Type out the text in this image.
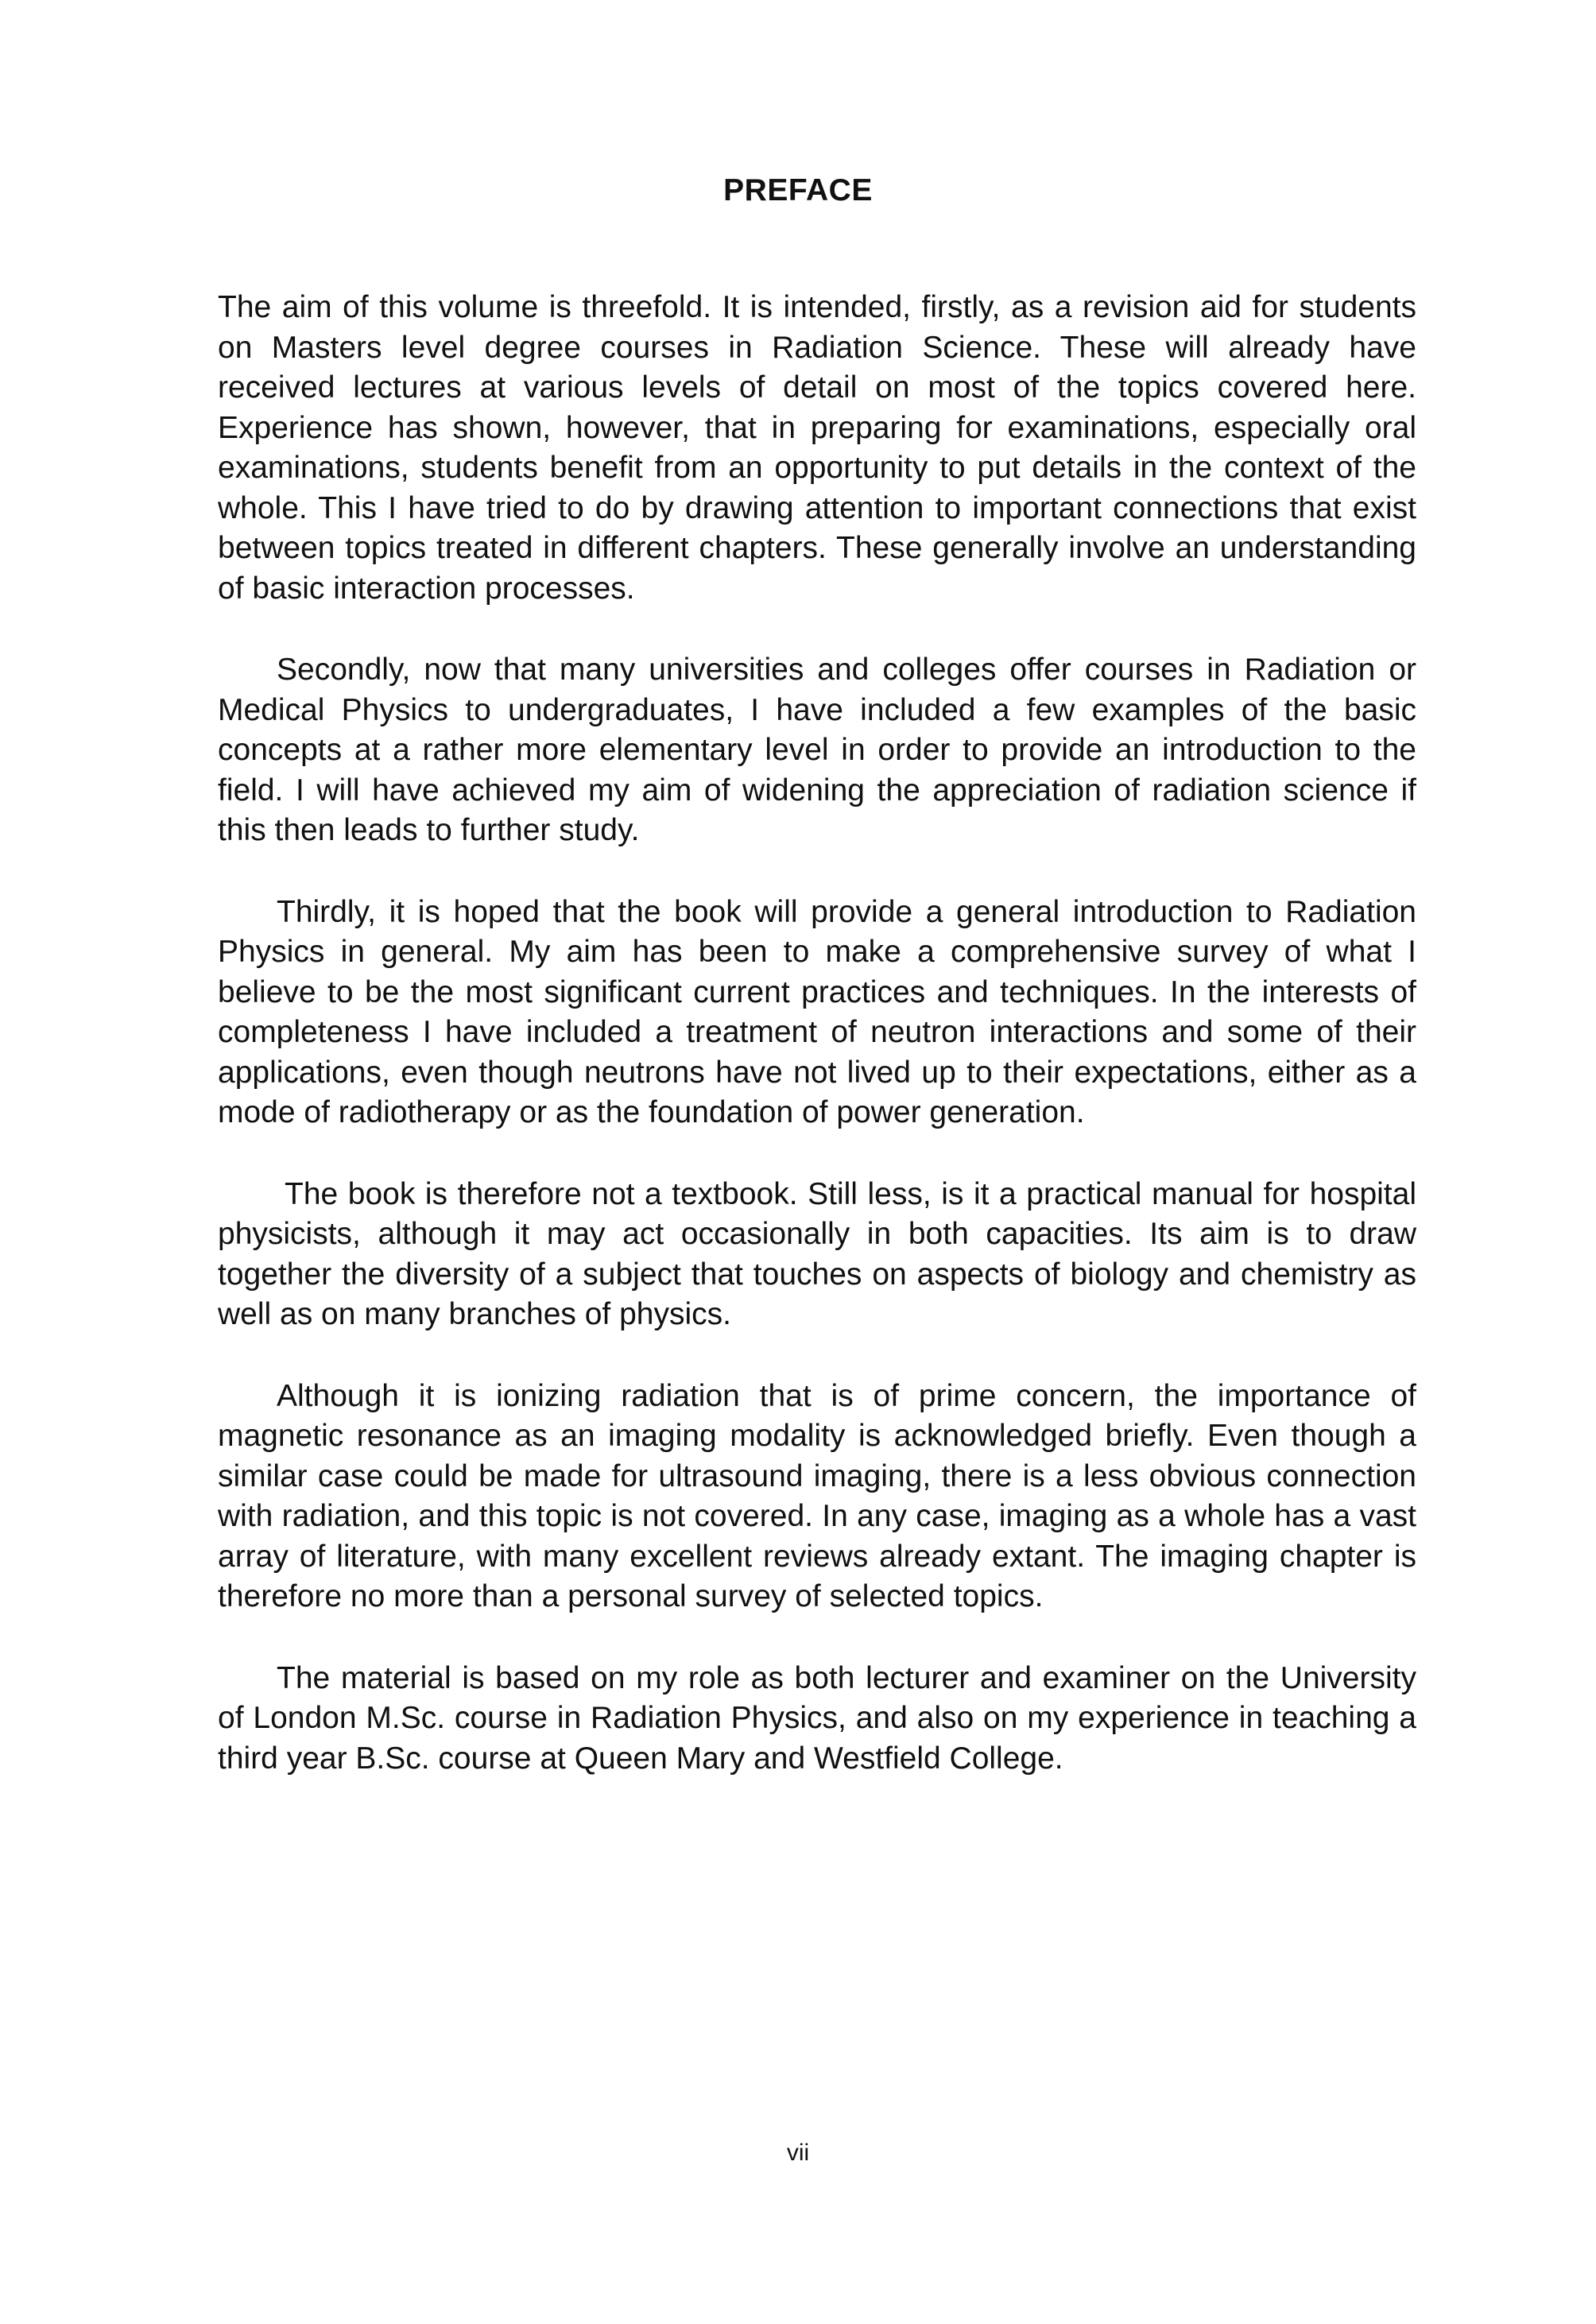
PREFACE

The aim of this volume is threefold. It is intended, firstly, as a revision aid for students on Masters level degree courses in Radiation Science. These will already have received lectures at various levels of detail on most of the topics covered here. Experience has shown, however, that in preparing for examinations, especially oral examinations, students benefit from an opportunity to put details in the context of the whole. This I have tried to do by drawing attention to important connections that exist between topics treated in different chapters. These generally involve an understanding of basic interaction processes.

Secondly, now that many universities and colleges offer courses in Radiation or Medical Physics to undergraduates, I have included a few examples of the basic concepts at a rather more elementary level in order to provide an introduction to the field. I will have achieved my aim of widening the appreciation of radiation science if this then leads to further study.

Thirdly, it is hoped that the book will provide a general introduction to Radiation Physics in general. My aim has been to make a comprehensive survey of what I believe to be the most significant current practices and techniques. In the interests of completeness I have included a treatment of neutron interactions and some of their applications, even though neutrons have not lived up to their expectations, either as a mode of radiotherapy or as the foundation of power generation.

The book is therefore not a textbook. Still less, is it a practical manual for hospital physicists, although it may act occasionally in both capacities. Its aim is to draw together the diversity of a subject that touches on aspects of biology and chemistry as well as on many branches of physics.

Although it is ionizing radiation that is of prime concern, the importance of magnetic resonance as an imaging modality is acknowledged briefly. Even though a similar case could be made for ultrasound imaging, there is a less obvious connection with radiation, and this topic is not covered. In any case, imaging as a whole has a vast array of literature, with many excellent reviews already extant. The imaging chapter is therefore no more than a personal survey of selected topics.

The material is based on my role as both lecturer and examiner on the University of London M.Sc. course in Radiation Physics, and also on my experience in teaching a third year B.Sc. course at Queen Mary and Westfield College.

vii
